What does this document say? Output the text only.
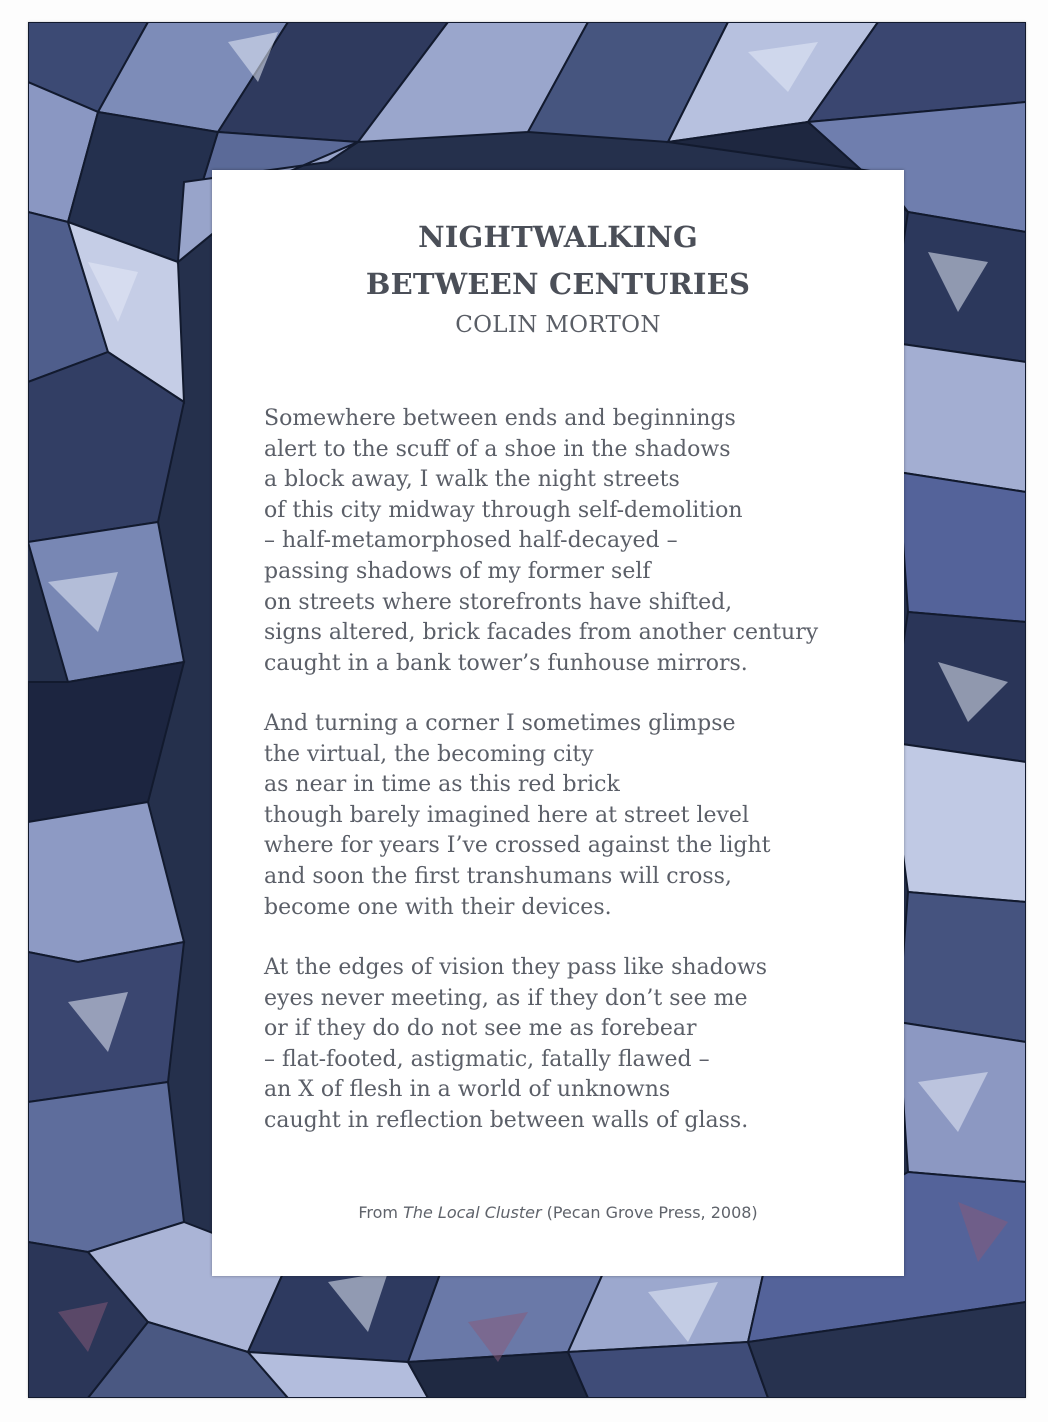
NIGHTWALKING
BETWEEN CENTURIES
COLIN MORTON
Somewhere between ends and beginnings
alert to the scuff of a shoe in the shadows
a block away, I walk the night streets
of this city midway through self-demolition
– half-metamorphosed half-decayed –
passing shadows of my former self
on streets where storefronts have shifted,
signs altered, brick facades from another century
caught in a bank tower’s funhouse mirrors.
And turning a corner I sometimes glimpse
the virtual, the becoming city
as near in time as this red brick
though barely imagined here at street level
where for years I’ve crossed against the light
and soon the first transhumans will cross,
become one with their devices.
At the edges of vision they pass like shadows
eyes never meeting, as if they don’t see me
or if they do do not see me as forebear
– flat-footed, astigmatic, fatally flawed –
an X of flesh in a world of unknowns
caught in reflection between walls of glass.
From The Local Cluster (Pecan Grove Press, 2008)
